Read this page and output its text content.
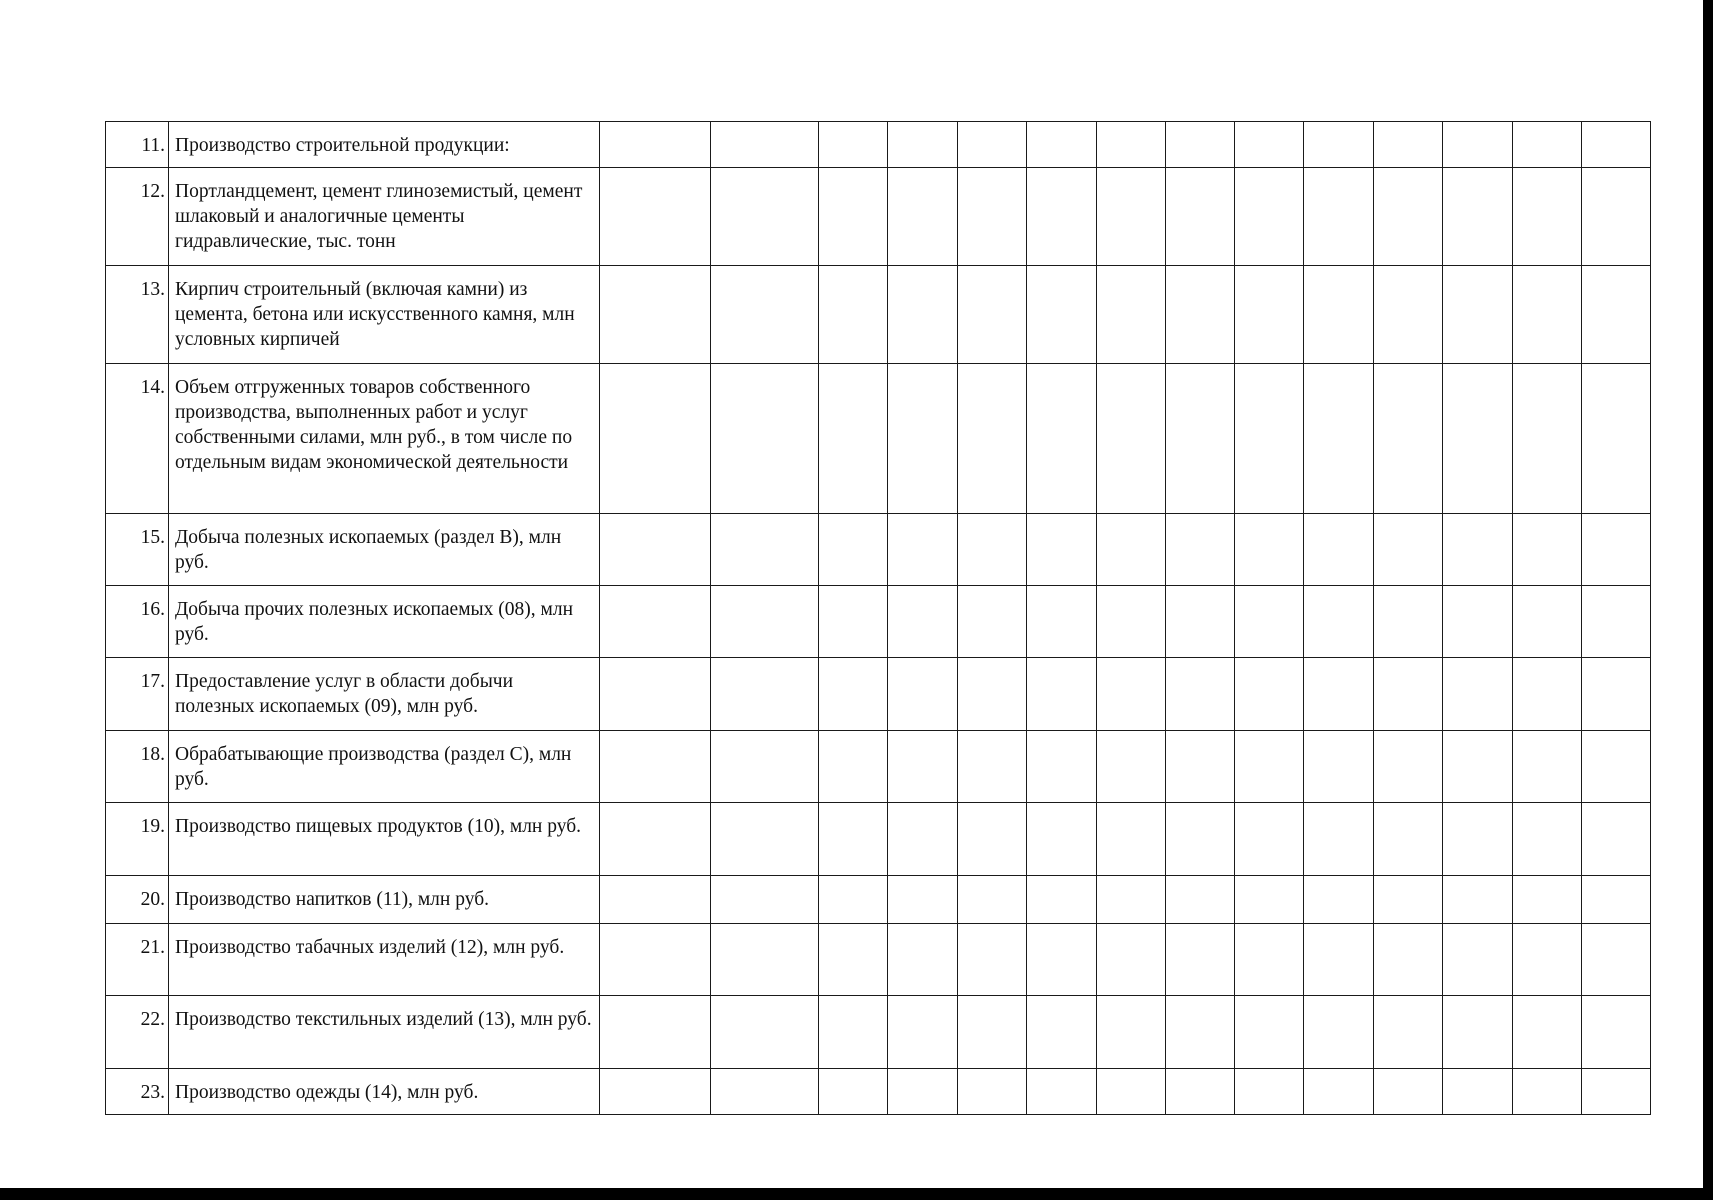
11.	Производство строительной продукции:														
12.	Портландцемент, цемент глиноземистый, цемент шлаковый и аналогичные цементы гидравлические, тыс. тонн														
13.	Кирпич строительный (включая камни) из цемента, бетона или искусственного камня, млн условных кирпичей														
14.	Объем отгруженных товаров собственного производства, выполненных работ и услуг собственными силами, млн руб., в том числе по отдельным видам экономической деятельности														
15.	Добыча полезных ископаемых (раздел В), млн руб.														
16.	Добыча прочих полезных ископаемых (08), млн руб.														
17.	Предоставление услуг в области добычи полезных ископаемых (09), млн руб.														
18.	Обрабатывающие производства (раздел С), млн руб.														
19.	Производство пищевых продуктов (10), млн руб.														
20.	Производство напитков (11), млн руб.														
21.	Производство табачных изделий (12), млн руб.														
22.	Производство текстильных изделий (13), млн руб.														
23.	Производство одежды (14), млн руб.														
